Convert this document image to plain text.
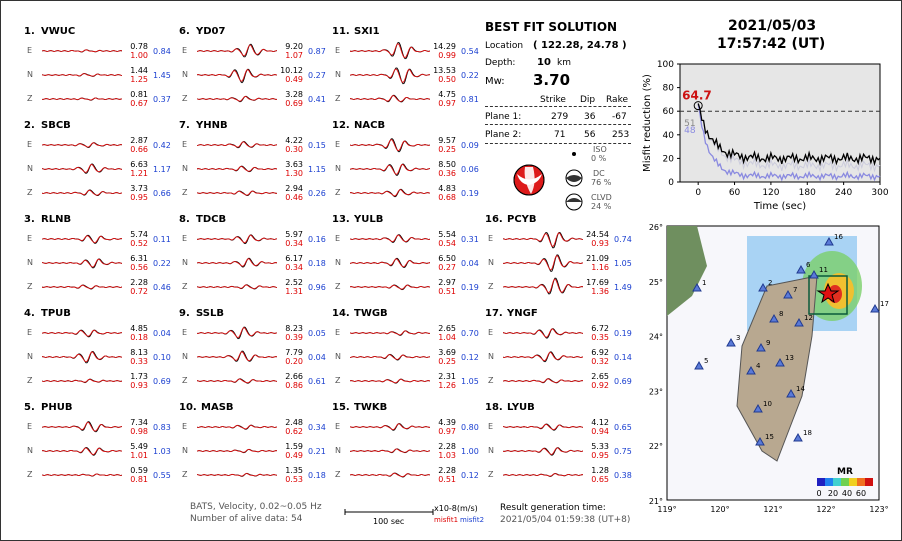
1. VWUC
E	0.78
1.00 0.84
N	1.44
1.25 1.45
Z	0.81
0.67 0.37
2. SBCB
E	2.87
0.66 0.42
N	6.63
1.21 1.17
Z	3.73
0.95 0.66
3. RLNB
E	5.74
0.52 0.11
N	6.31
0.56 0.22
Z	2.28
0.72 0.46
4. TPUB
E	4.85
0.18 0.04
N	8.13
0.33 0.10
Z	1.73
0.93 0.69
5. PHUB
E	7.34
0.98 0.83
N	5.49
1.01 1.03
Z	0.59
0.81 0.55
6. YD07
E	9.20
1.07 0.87
N	10.12
0.49 0.27
Z	3.28
0.69 0.41
7. YHNB
E	4.22
0.30 0.15
N	3.63
1.30 1.15
Z	2.94
0.46 0.26
8. TDCB
E	5.97
0.34 0.16
N	6.17
0.34 0.18
Z	2.52
1.31 0.96
9. SSLB
E	8.23
0.39 0.05
N	7.79
0.20 0.04
Z	2.66
0.86 0.61
10. MASB
E	2.48
0.62 0.34
N	1.59
0.49 0.21
Z	1.35
0.53 0.18
11. SXI1
E	14.29
0.99 0.54
N	13.53
0.50 0.22
Z	4.75
0.97 0.81
12. NACB
E	9.57
0.25 0.09
N	8.50
0.36 0.06
Z	4.83
0.68 0.19
13. YULB
E	5.54
0.54 0.31
N	6.50
0.27 0.04
Z	2.97
0.51 0.19
14. TWGB
E	2.65
1.04 0.70
N	3.69
0.25 0.12
Z	2.31
1.26 1.05
15. TWKB
E	4.39
0.97 0.80
N	2.28
1.03 1.00
Z	2.28
0.51 0.12
16. PCYB
E	24.54
0.93 0.74
N	21.09
1.16 1.05
Z	17.69
1.36 1.49
17. YNGF
E	6.72
0.35 0.19
N	6.92
0.32 0.14
Z	2.65
0.92 0.69
18. LYUB
E	4.12
0.94 0.65
N	5.33
0.95 0.75
Z	1.28
0.65 0.38
BEST FIT SOLUTION
Location ( 122.28, 24.78 )
Depth: 10 km
Mw: 3.70
Strike Dip Rake
Plane 1:	279 36 -67
Plane 2:	71 56 253
ISO
0 %
DC
76 %
CLVD
24 %
2021/05/03
17:57:42 (UT)
0
20
40
60
80
100
0	60 120 180 240 300
Time (sec)
Misfit reduction (%) 64.7
51
48
1	2
3
4
5
6
7
8
9
10
11
12
13
14
15
16
17
18
26°
25°
24°
23°
22°
21°
119°	120°	121°	122°	123°
MR
0 20 40 60
BATS, Velocity, 0.02~0.05 Hz
Number of alive data: 54	100 sec
x10-8(m/s)
misfit1 misfit2
Result generation time:
2021/05/04 01:59:38 (UT+8)
